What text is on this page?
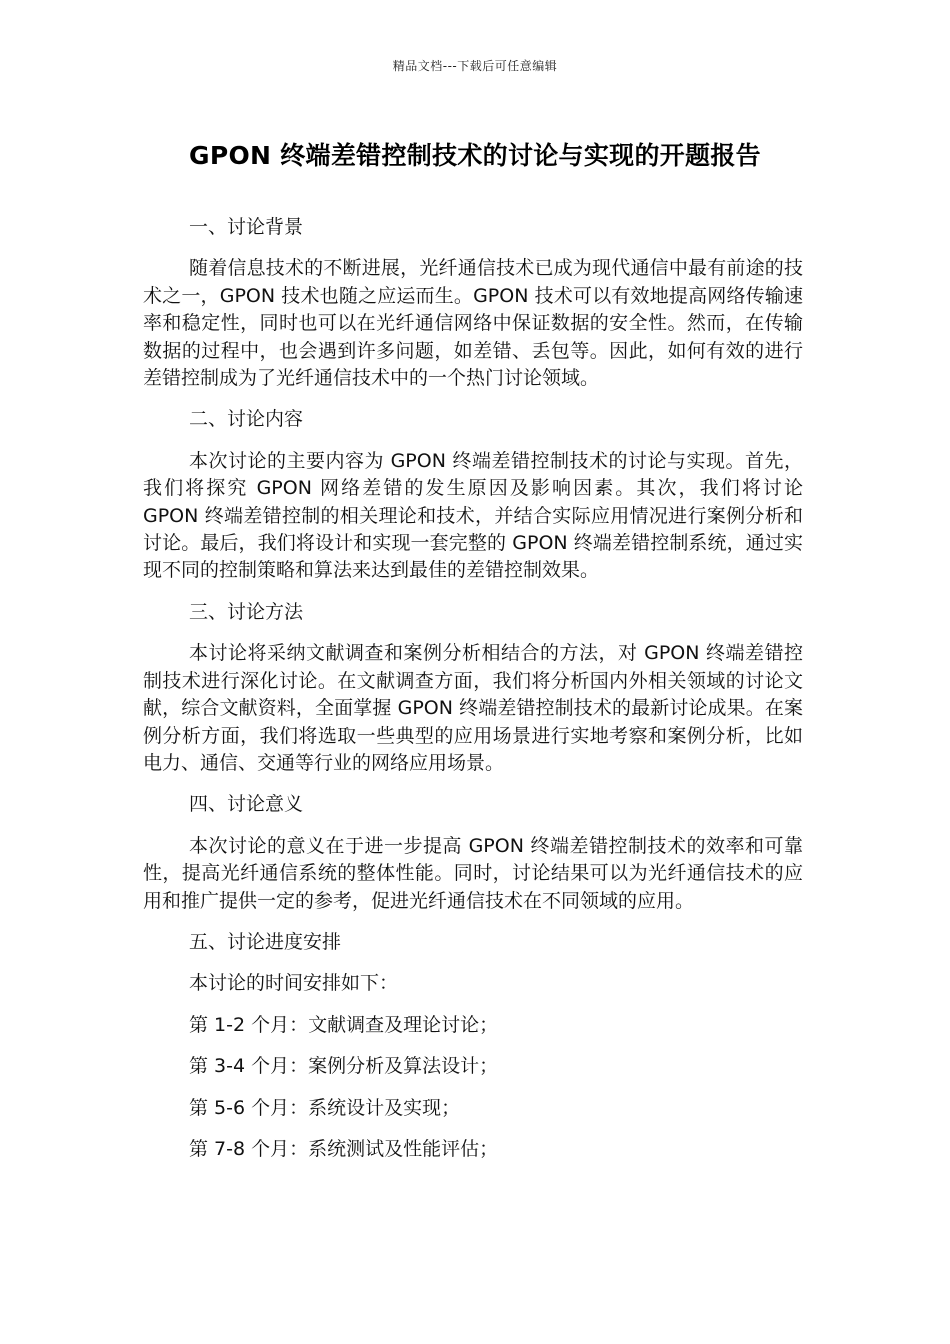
精品文档---下载后可任意编辑
GPON 终端差错控制技术的讨论与实现的开题报告

一、讨论背景

随着信息技术的不断进展，光纤通信技术已成为现代通信中最有前途的技术之一，GPON 技术也随之应运而生。GPON 技术可以有效地提高网络传输速率和稳定性，同时也可以在光纤通信网络中保证数据的安全性。然而，在传输数据的过程中，也会遇到许多问题，如差错、丢包等。因此，如何有效的进行差错控制成为了光纤通信技术中的一个热门讨论领域。

二、讨论内容

本次讨论的主要内容为 GPON 终端差错控制技术的讨论与实现。首先，我们将探究 GPON 网络差错的发生原因及影响因素。其次，我们将讨论 GPON 终端差错控制的相关理论和技术，并结合实际应用情况进行案例分析和讨论。最后，我们将设计和实现一套完整的 GPON 终端差错控制系统，通过实现不同的控制策略和算法来达到最佳的差错控制效果。

三、讨论方法

本讨论将采纳文献调查和案例分析相结合的方法，对 GPON 终端差错控制技术进行深化讨论。在文献调查方面，我们将分析国内外相关领域的讨论文献，综合文献资料，全面掌握 GPON 终端差错控制技术的最新讨论成果。在案例分析方面，我们将选取一些典型的应用场景进行实地考察和案例分析，比如电力、通信、交通等行业的网络应用场景。

四、讨论意义

本次讨论的意义在于进一步提高 GPON 终端差错控制技术的效率和可靠性，提高光纤通信系统的整体性能。同时，讨论结果可以为光纤通信技术的应用和推广提供一定的参考，促进光纤通信技术在不同领域的应用。

五、讨论进度安排

本讨论的时间安排如下：

第 1-2 个月：文献调查及理论讨论；

第 3-4 个月：案例分析及算法设计；

第 5-6 个月：系统设计及实现；

第 7-8 个月：系统测试及性能评估；
